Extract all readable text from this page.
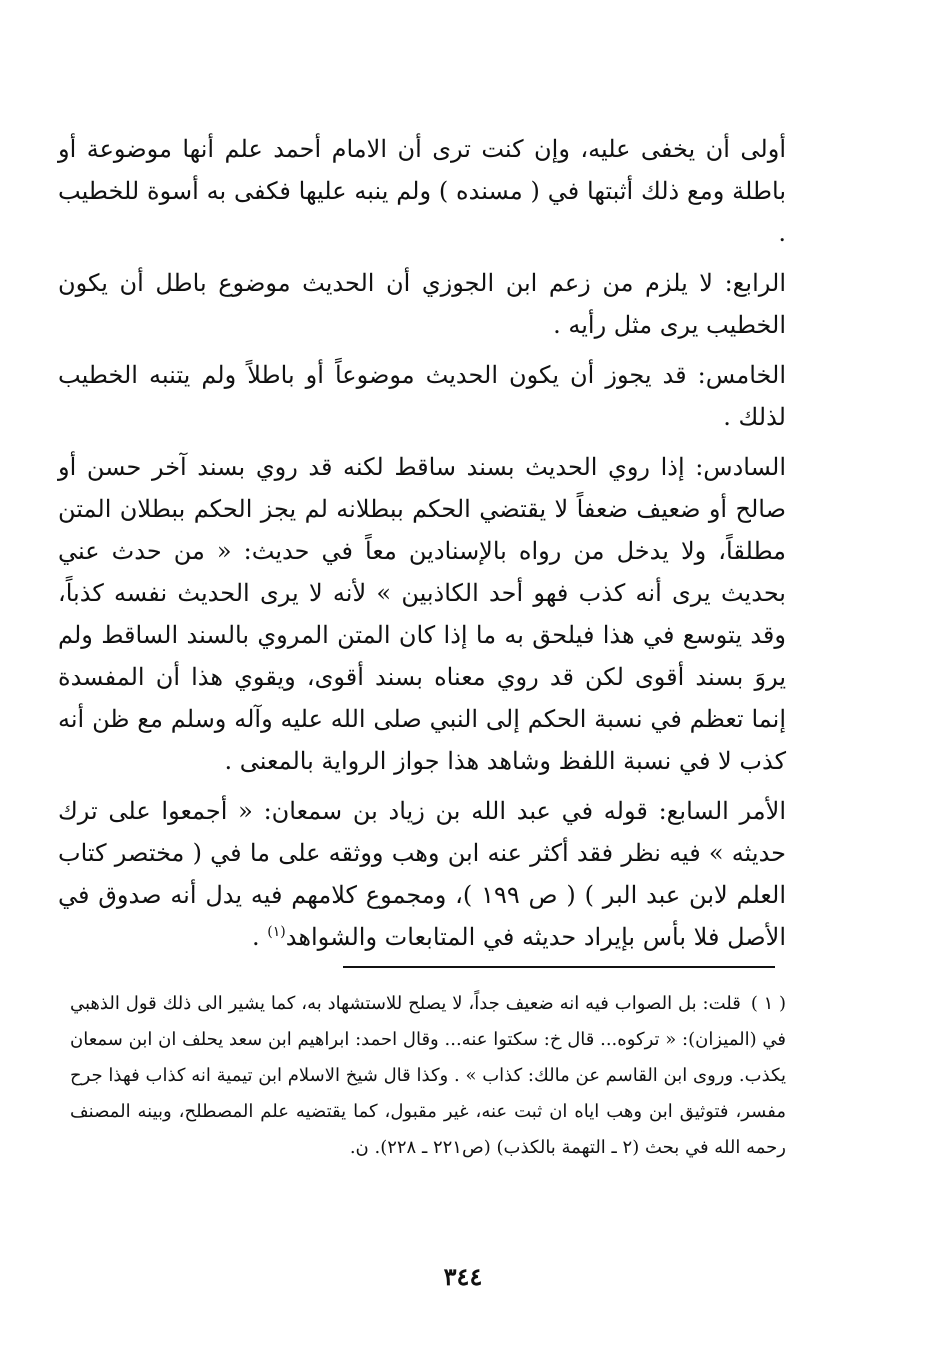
أولى أن يخفى عليه، وإن كنت ترى أن الامام أحمد علم أنها موضوعة أو باطلة ومع ذلك أثبتها في ( مسنده ) ولم ينبه عليها فكفى به أسوة للخطيب .

الرابع: لا يلزم من زعم ابن الجوزي أن الحديث موضوع باطل أن يكون الخطيب يرى مثل رأيه .

الخامس: قد يجوز أن يكون الحديث موضوعاً أو باطلاً ولم يتنبه الخطيب لذلك .

السادس: إذا روي الحديث بسند ساقط لكنه قد روي بسند آخر حسن أو صالح أو ضعيف ضعفاً لا يقتضي الحكم ببطلانه لم يجز الحكم ببطلان المتن مطلقاً، ولا يدخل من رواه بالإسنادين معاً في حديث: « من حدث عني بحديث يرى أنه كذب فهو أحد الكاذبين » لأنه لا يرى الحديث نفسه كذباً، وقد يتوسع في هذا فيلحق به ما إذا كان المتن المروي بالسند الساقط ولم يروَ بسند أقوى لكن قد روي معناه بسند أقوى، ويقوي هذا أن المفسدة إنما تعظم في نسبة الحكم إلى النبي صلى الله عليه وآله وسلم مع ظن أنه كذب لا في نسبة اللفظ وشاهد هذا جواز الرواية بالمعنى .

الأمر السابع: قوله في عبد الله بن زياد بن سمعان: « أجمعوا على ترك حديثه » فيه نظر فقد أكثر عنه ابن وهب ووثقه على ما في ( مختصر كتاب العلم لابن عبد البر ) ( ص ١٩٩ )، ومجموع كلامهم فيه يدل أنه صدوق في الأصل فلا بأس بإيراد حديثه في المتابعات والشواهد$^{(١)}$ .

( ١ )قلت: بل الصواب فيه انه ضعيف جداً، لا يصلح للاستشهاد به، كما يشير الى ذلك قول الذهبي في (الميزان): « تركوه... قال خ: سكتوا عنه... وقال احمد: ابراهيم ابن سعد يحلف ان ابن سمعان يكذب. وروى ابن القاسم عن مالك: كذاب » . وكذا قال شيخ الاسلام ابن تيمية انه كذاب فهذا جرح مفسر، فتوثيق ابن وهب اياه ان ثبت عنه، غير مقبول، كما يقتضيه علم المصطلح، وبينه المصنف رحمه الله في بحث (٢ ـ التهمة بالكذب) (ص٢٢١ ـ ٢٢٨). ن.
٣٤٤
